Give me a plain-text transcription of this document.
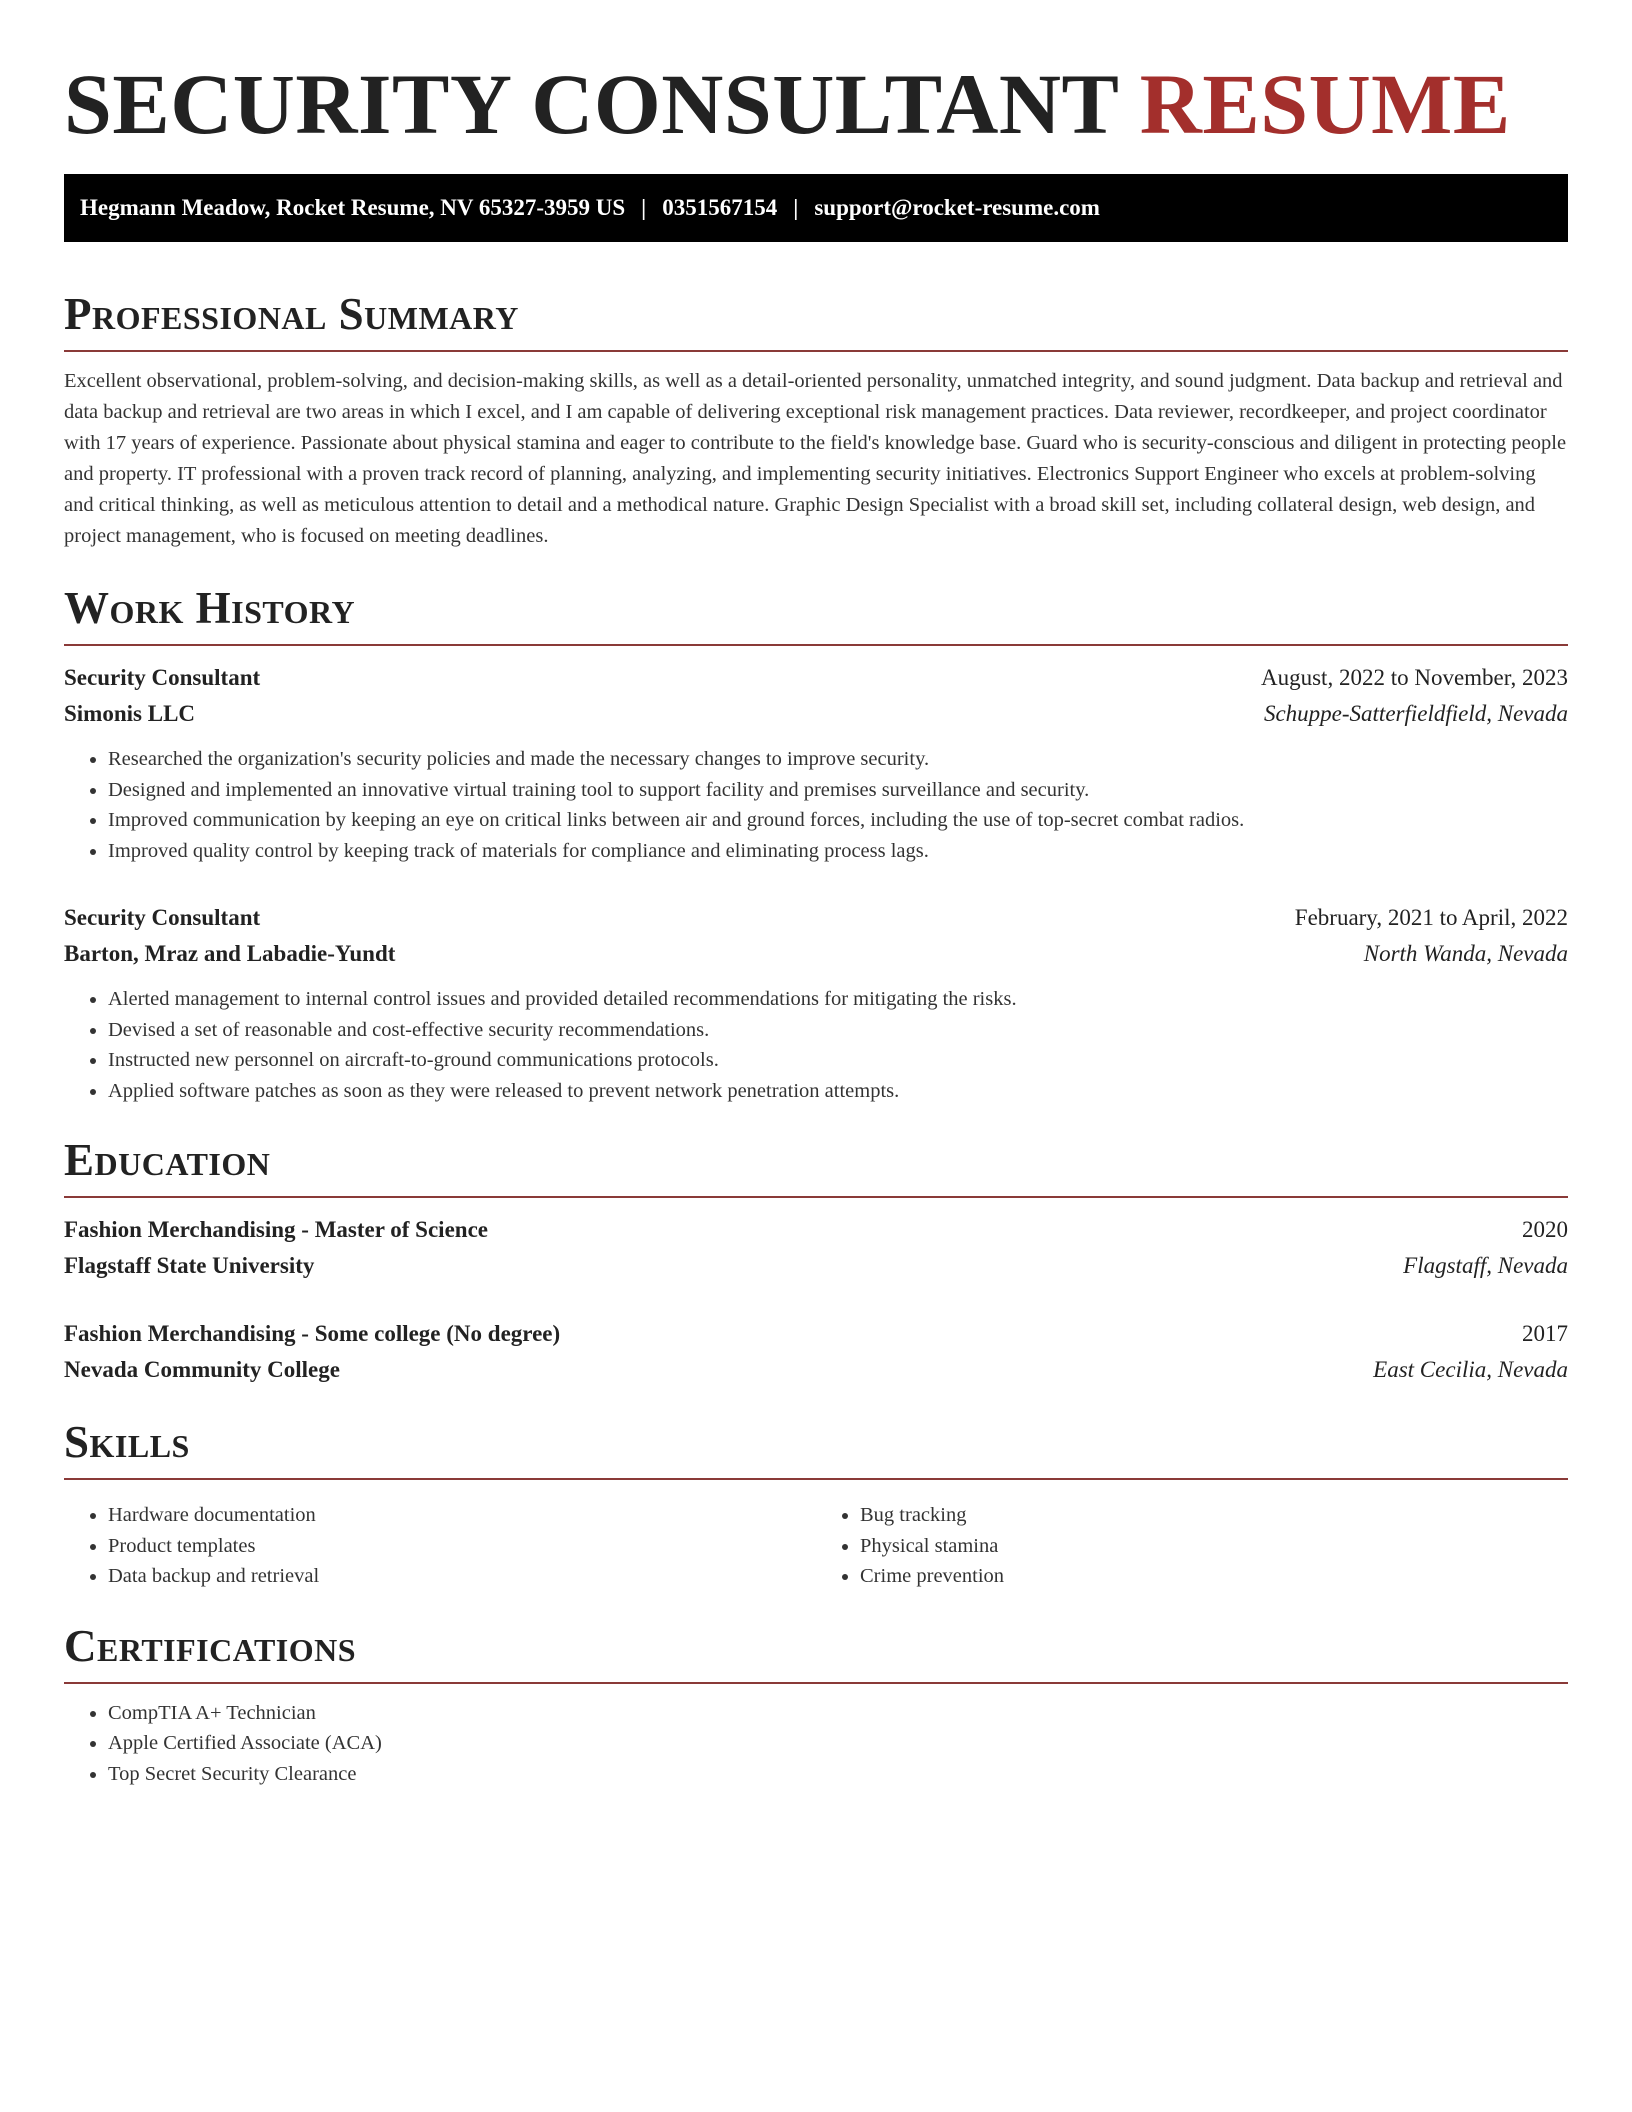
SECURITY CONSULTANT RESUME
Hegmann Meadow, Rocket Resume, NV 65327-3959 US | 0351567154 | support@rocket-resume.com
Professional Summary

Excellent observational, problem-solving, and decision-making skills, as well as a detail-oriented personality, unmatched integrity, and sound judgment. Data backup and retrieval and data backup and retrieval are two areas in which I excel, and I am capable of delivering exceptional risk management practices. Data reviewer, recordkeeper, and project coordinator with 17 years of experience. Passionate about physical stamina and eager to contribute to the field's knowledge base. Guard who is security-conscious and diligent in protecting people and property. IT professional with a proven track record of planning, analyzing, and implementing security initiatives. Electronics Support Engineer who excels at problem-solving and critical thinking, as well as meticulous attention to detail and a methodical nature. Graphic Design Specialist with a broad skill set, including collateral design, web design, and project management, who is focused on meeting deadlines.

Work History
Security Consultant	August, 2022 to November, 2023
Simonis LLC	Schuppe-Satterfieldfield, Nevada
• Researched the organization's security policies and made the necessary changes to improve security.
• Designed and implemented an innovative virtual training tool to support facility and premises surveillance and security.
• Improved communication by keeping an eye on critical links between air and ground forces, including the use of top-secret combat radios.
• Improved quality control by keeping track of materials for compliance and eliminating process lags.
Security Consultant	February, 2021 to April, 2022
Barton, Mraz and Labadie-Yundt	North Wanda, Nevada
• Alerted management to internal control issues and provided detailed recommendations for mitigating the risks.
• Devised a set of reasonable and cost-effective security recommendations.
• Instructed new personnel on aircraft-to-ground communications protocols.
• Applied software patches as soon as they were released to prevent network penetration attempts.
Education
Fashion Merchandising - Master of Science	2020
Flagstaff State University	Flagstaff, Nevada
Fashion Merchandising - Some college (No degree)	2017
Nevada Community College	East Cecilia, Nevada
Skills
• Hardware documentation
• Product templates
• Data backup and retrieval
• Bug tracking
• Physical stamina
• Crime prevention
Certifications
• CompTIA A+ Technician
• Apple Certified Associate (ACA)
• Top Secret Security Clearance
